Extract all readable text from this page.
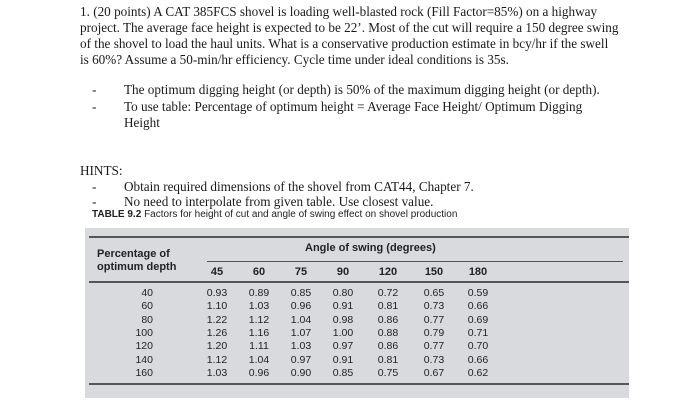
1. (20 points) A CAT 385FCS shovel is loading well-blasted rock (Fill Factor=85%) on a highway project. The average face height is expected to be 22’. Most of the cut will require a 150 degree swing of the shovel to load the haul units. What is a conservative production estimate in bcy/hr if the swell is 60%? Assume a 50-min/hr efficiency. Cycle time under ideal conditions is 35s.
- The optimum digging height (or depth) is 50% of the maximum digging height (or depth).
- To use table: Percentage of optimum height = Average Face Height/ Optimum Digging Height
HINTS:
- Obtain required dimensions of the shovel from CAT44, Chapter 7.
- No need to interpolate from given table. Use closest value.
TABLE 9.2 Factors for height of cut and angle of swing effect on shovel production
Percentage of
optimum depth
Angle of swing (degrees)
45	60	75	90	120	150	180
40	0.93	0.89	0.85	0.80	0.72	0.65	0.59
60	1.10	1.03	0.96	0.91	0.81	0.73	0.66
80	1.22	1.12	1.04	0.98	0.86	0.77	0.69
100	1.26	1.16	1.07	1.00	0.88	0.79	0.71
120	1.20	1.11	1.03	0.97	0.86	0.77	0.70
140	1.12	1.04	0.97	0.91	0.81	0.73	0.66
160	1.03	0.96	0.90	0.85	0.75	0.67	0.62
